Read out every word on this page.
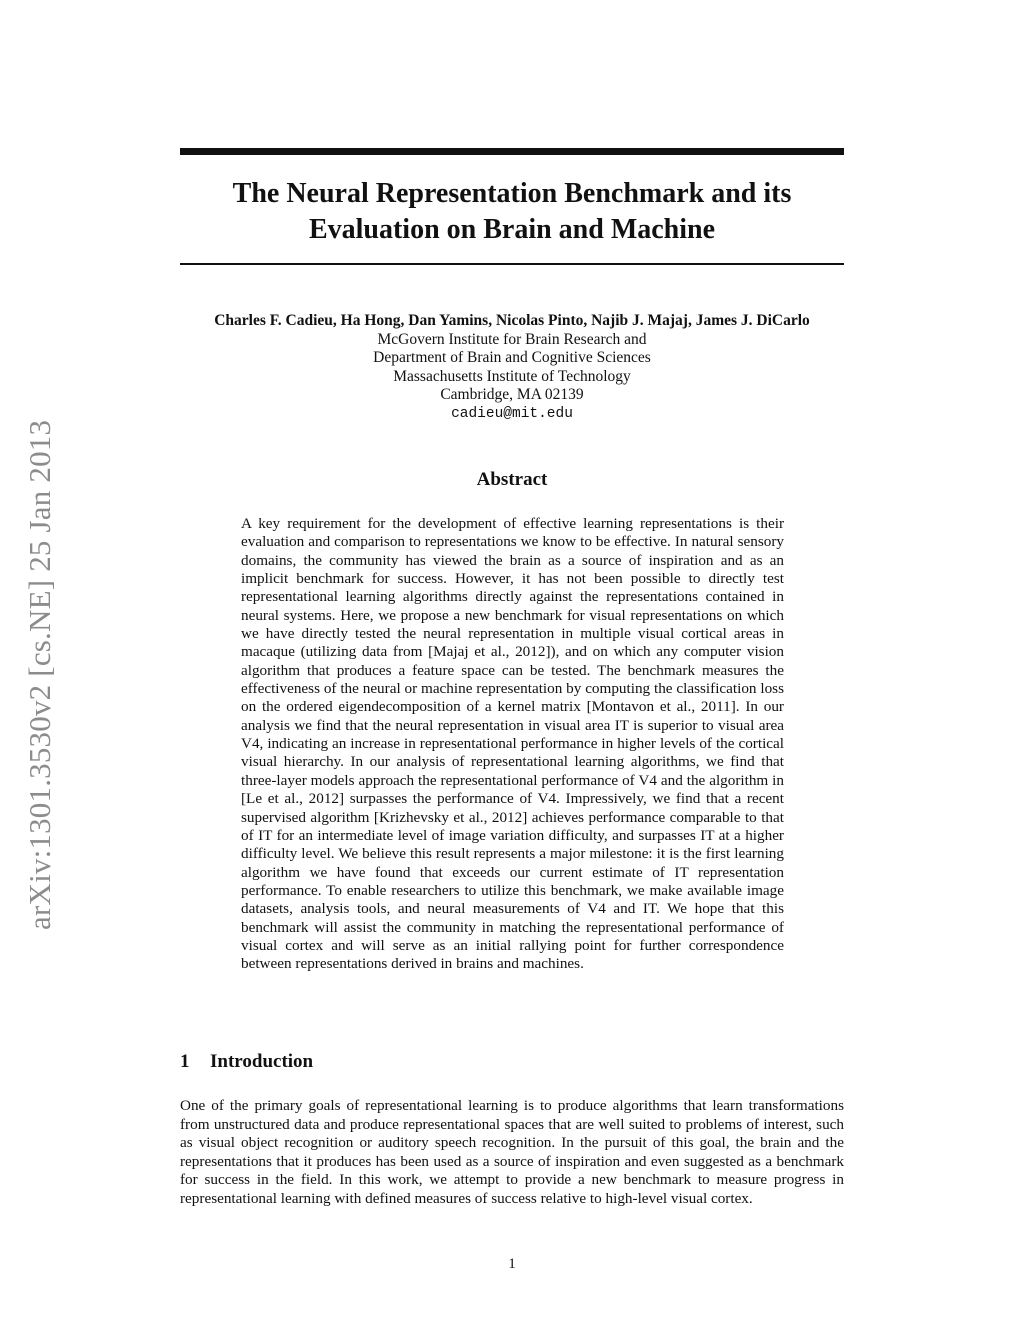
arXiv:1301.3530v2 [cs.NE] 25 Jan 2013
The Neural Representation Benchmark and its
Evaluation on Brain and Machine
Charles F. Cadieu, Ha Hong, Dan Yamins, Nicolas Pinto, Najib J. Majaj, James J. DiCarlo
McGovern Institute for Brain Research and
Department of Brain and Cognitive Sciences
Massachusetts Institute of Technology
Cambridge, MA 02139
cadieu@mit.edu
Abstract
A key requirement for the development of effective learning representations is their evaluation and comparison to representations we know to be effective. In natural sensory domains, the community has viewed the brain as a source of inspiration and as an implicit benchmark for success. However, it has not been possible to directly test representational learning algorithms directly against the representations contained in neural systems. Here, we propose a new benchmark for visual representations on which we have directly tested the neural representation in multiple visual cortical areas in macaque (utilizing data from [Majaj et al., 2012]), and on which any computer vision algorithm that produces a feature space can be tested. The benchmark measures the effectiveness of the neural or machine representation by computing the classification loss on the ordered eigendecomposition of a kernel matrix [Montavon et al., 2011]. In our analysis we find that the neural representation in visual area IT is superior to visual area V4, indicating an increase in representational performance in higher levels of the cortical visual hierarchy. In our analysis of representational learning algorithms, we find that three-layer models approach the representational performance of V4 and the algorithm in [Le et al., 2012] surpasses the performance of V4. Impressively, we find that a recent supervised algorithm [Krizhevsky et al., 2012] achieves performance comparable to that of IT for an intermediate level of image variation difficulty, and surpasses IT at a higher difficulty level. We believe this result represents a major milestone: it is the first learning algorithm we have found that exceeds our current estimate of IT representation performance. To enable researchers to utilize this benchmark, we make available image datasets, analysis tools, and neural measurements of V4 and IT. We hope that this benchmark will assist the community in matching the representational performance of visual cortex and will serve as an initial rallying point for further correspondence between representations derived in brains and machines.
1 Introduction
One of the primary goals of representational learning is to produce algorithms that learn transformations from unstructured data and produce representational spaces that are well suited to problems of interest, such as visual object recognition or auditory speech recognition. In the pursuit of this goal, the brain and the representations that it produces has been used as a source of inspiration and even suggested as a benchmark for success in the field. In this work, we attempt to provide a new benchmark to measure progress in representational learning with defined measures of success relative to high-level visual cortex.
1
